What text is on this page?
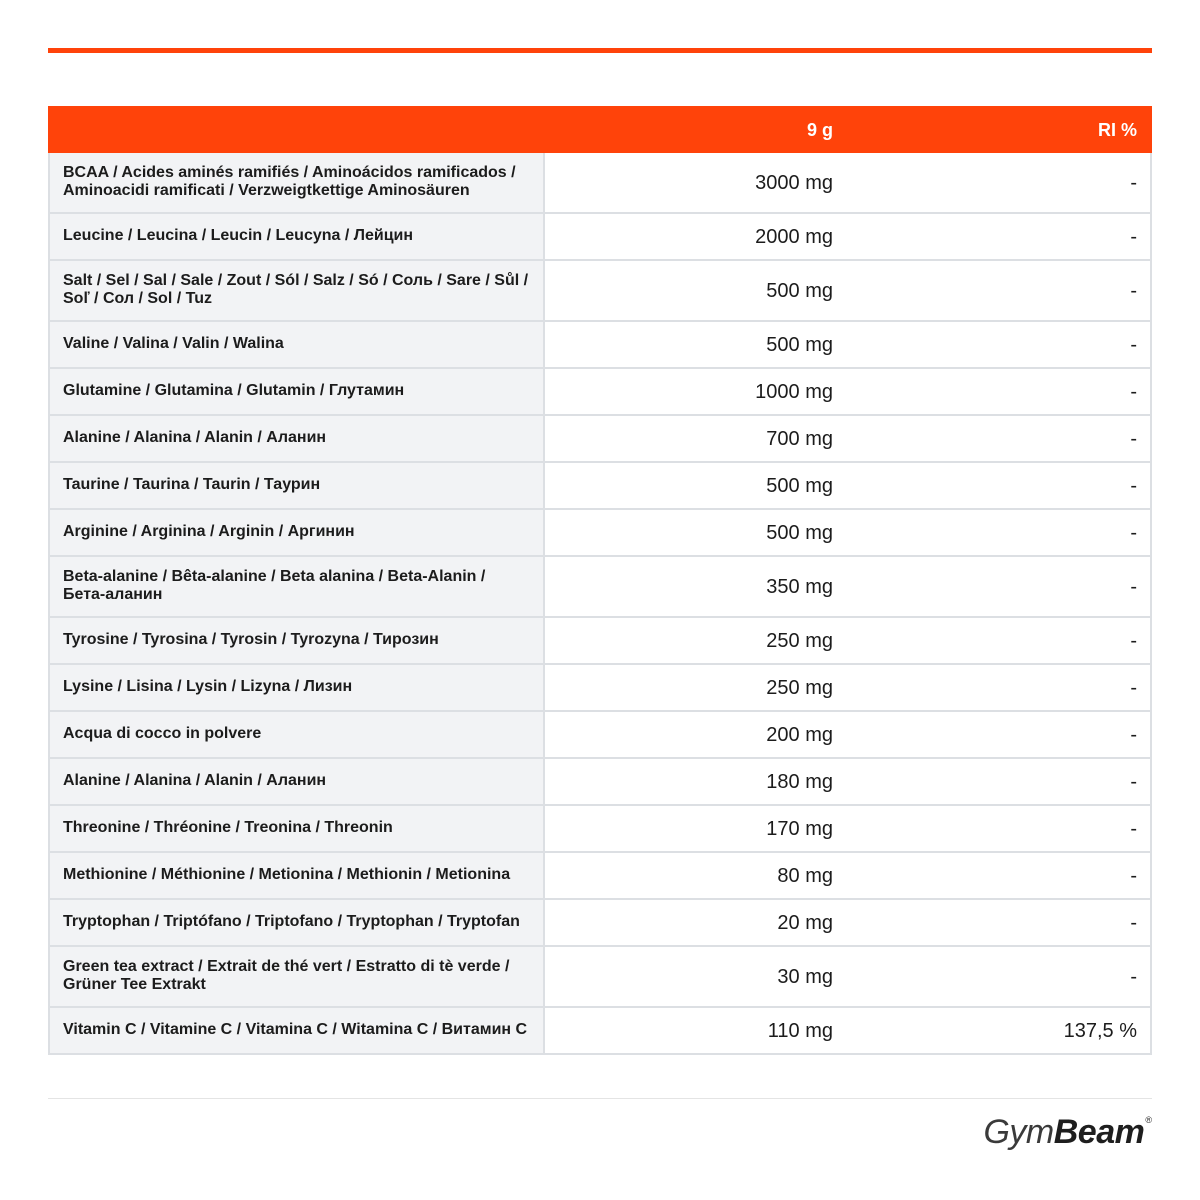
9 g	RI %
BCAA / Acides aminés ramifiés / Aminoácidos ramificados /
Aminoacidi ramificati / Verzweigtkettige Aminosäuren	3000 mg	-
Leucine / Leucina / Leucin / Leucyna / Лейцин	2000 mg	-
Salt / Sel / Sal / Sale / Zout / Sól / Salz / Só / Соль / Sare / Sůl /
Soľ / Сол / Sol / Tuz	500 mg	-
Valine / Valina / Valin / Walina	500 mg	-
Glutamine / Glutamina / Glutamin / Глутамин	1000 mg	-
Alanine / Alanina / Alanin / Аланин	700 mg	-
Taurine / Taurina / Taurin / Таурин	500 mg	-
Arginine / Arginina / Arginin / Аргинин	500 mg	-
Beta-alanine / Bêta-alanine / Beta alanina / Beta-Alanin /
Бета-аланин	350 mg	-
Tyrosine / Tyrosina / Tyrosin / Tyrozyna / Тирозин	250 mg	-
Lysine / Lisina / Lysin / Lizyna / Лизин	250 mg	-
Acqua di cocco in polvere	200 mg	-
Alanine / Alanina / Alanin / Аланин	180 mg	-
Threonine / Thréonine / Treonina / Threonin	170 mg	-
Methionine / Méthionine / Metionina / Methionin / Metionina	80 mg	-
Tryptophan / Triptófano / Triptofano / Tryptophan / Tryptofan	20 mg	-
Green tea extract / Extrait de thé vert / Estratto di tè verde /
Grüner Tee Extrakt	30 mg	-
Vitamin C / Vitamine C / Vitamina C / Witamina C / Витамин С	110 mg	137,5 %
GymBeam®
